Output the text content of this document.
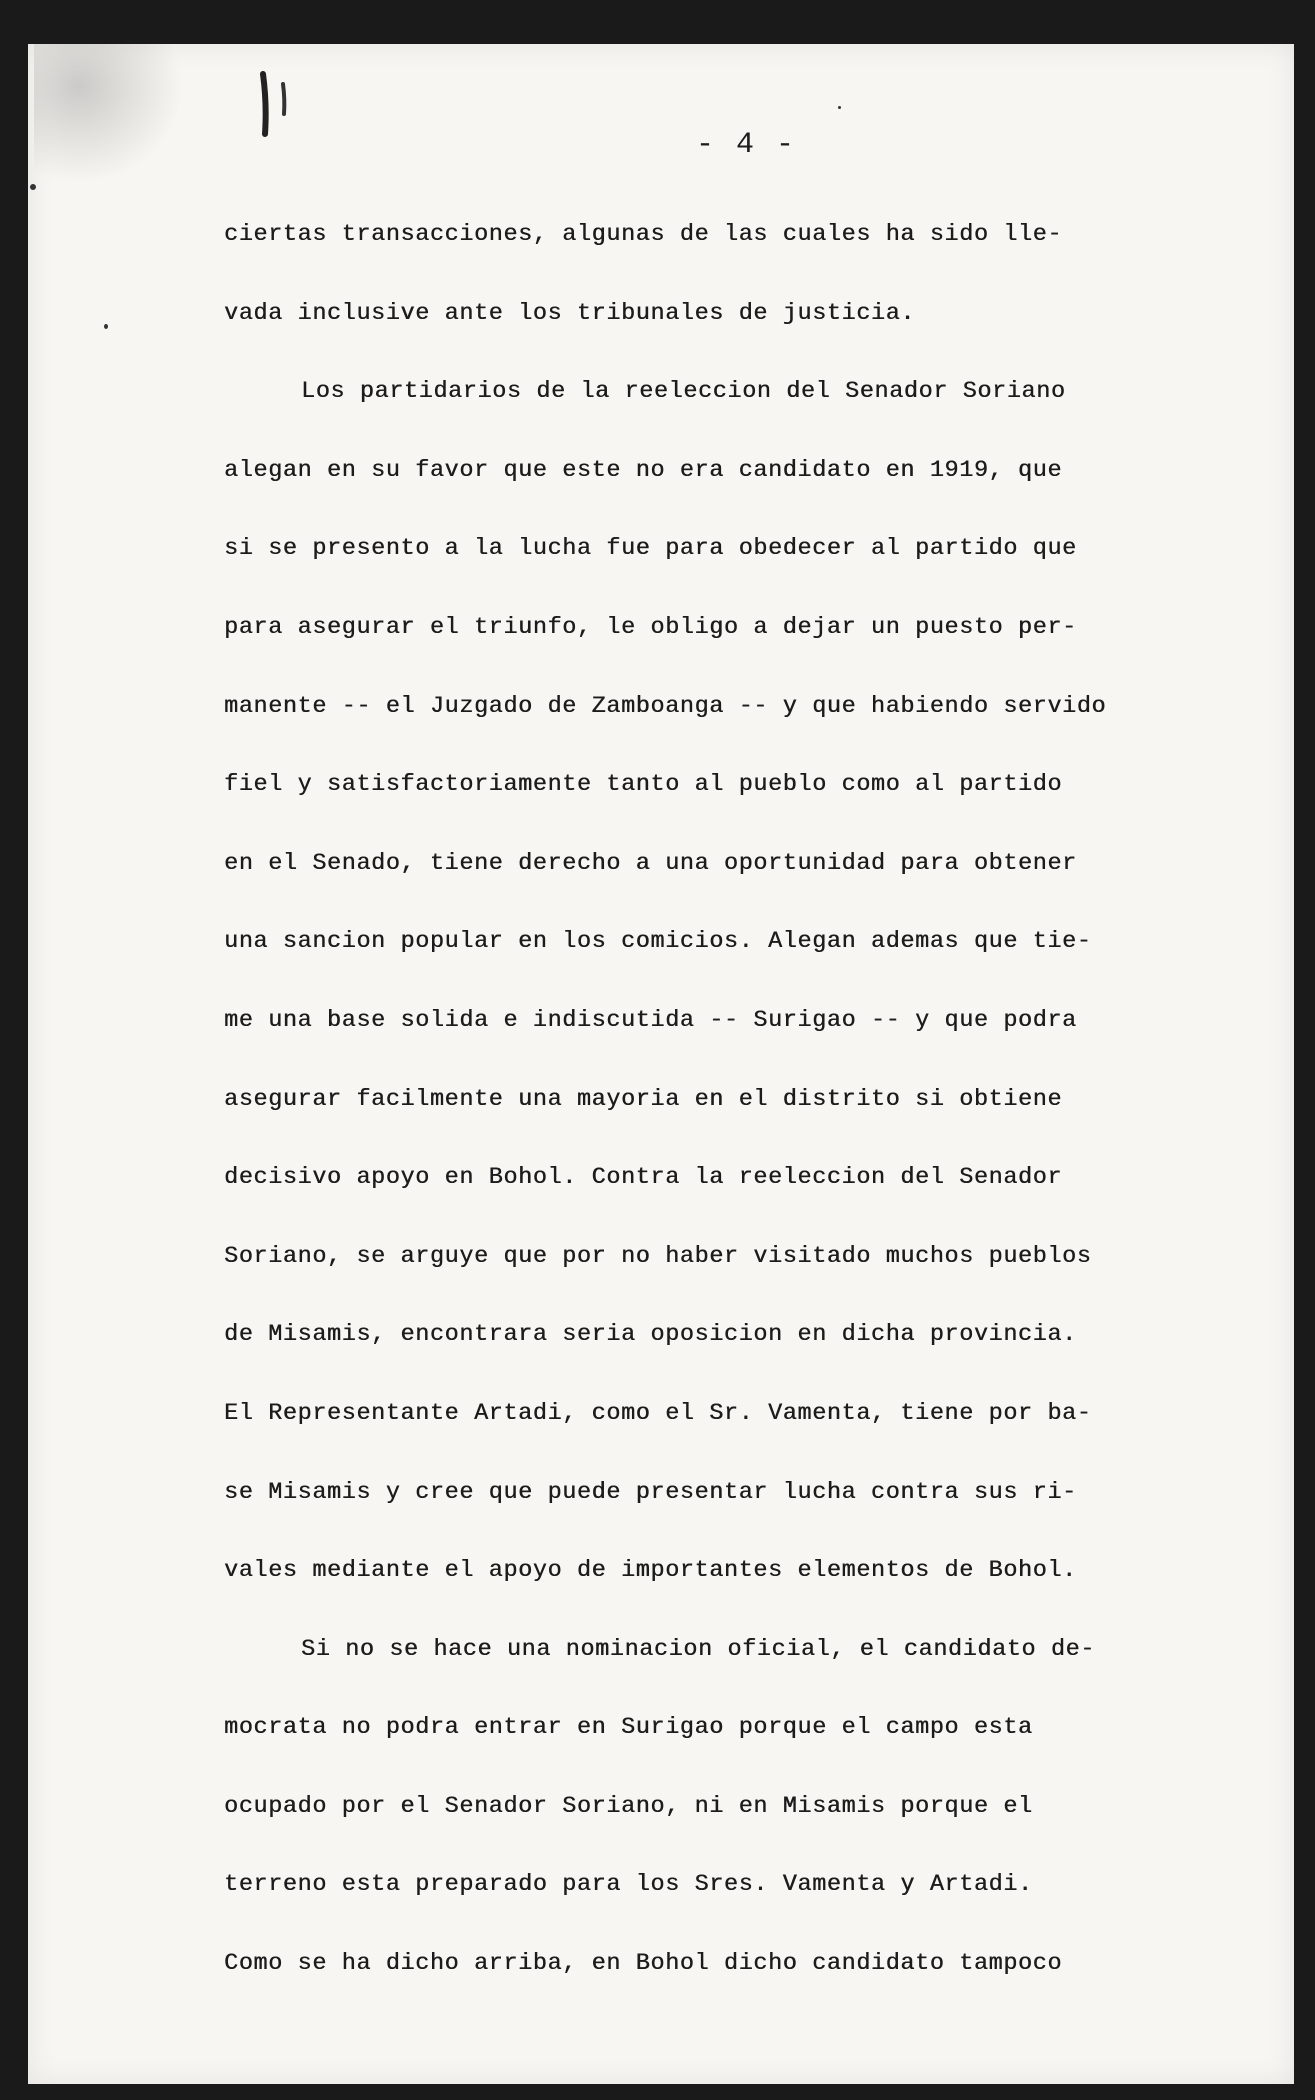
- 4 -
ciertas transacciones, algunas de las cuales ha sido lle-
vada inclusive ante los tribunales de justicia.
Los partidarios de la reeleccion del Senador Soriano
alegan en su favor que este no era candidato en 1919, que
si se presento a la lucha fue para obedecer al partido que
para asegurar el triunfo, le obligo a dejar un puesto per-
manente -- el Juzgado de Zamboanga -- y que habiendo servido
fiel y satisfactoriamente tanto al pueblo como al partido
en el Senado, tiene derecho a una oportunidad para obtener
una sancion popular en los comicios. Alegan ademas que tie-
me una base solida e indiscutida -- Surigao -- y que podra
asegurar facilmente una mayoria en el distrito si obtiene
decisivo apoyo en Bohol. Contra la reeleccion del Senador
Soriano, se arguye que por no haber visitado muchos pueblos
de Misamis, encontrara seria oposicion en dicha provincia.
El Representante Artadi, como el Sr. Vamenta, tiene por ba-
se Misamis y cree que puede presentar lucha contra sus ri-
vales mediante el apoyo de importantes elementos de Bohol.
Si no se hace una nominacion oficial, el candidato de-
mocrata no podra entrar en Surigao porque el campo esta
ocupado por el Senador Soriano, ni en Misamis porque el
terreno esta preparado para los Sres. Vamenta y Artadi.
Como se ha dicho arriba, en Bohol dicho candidato tampoco
